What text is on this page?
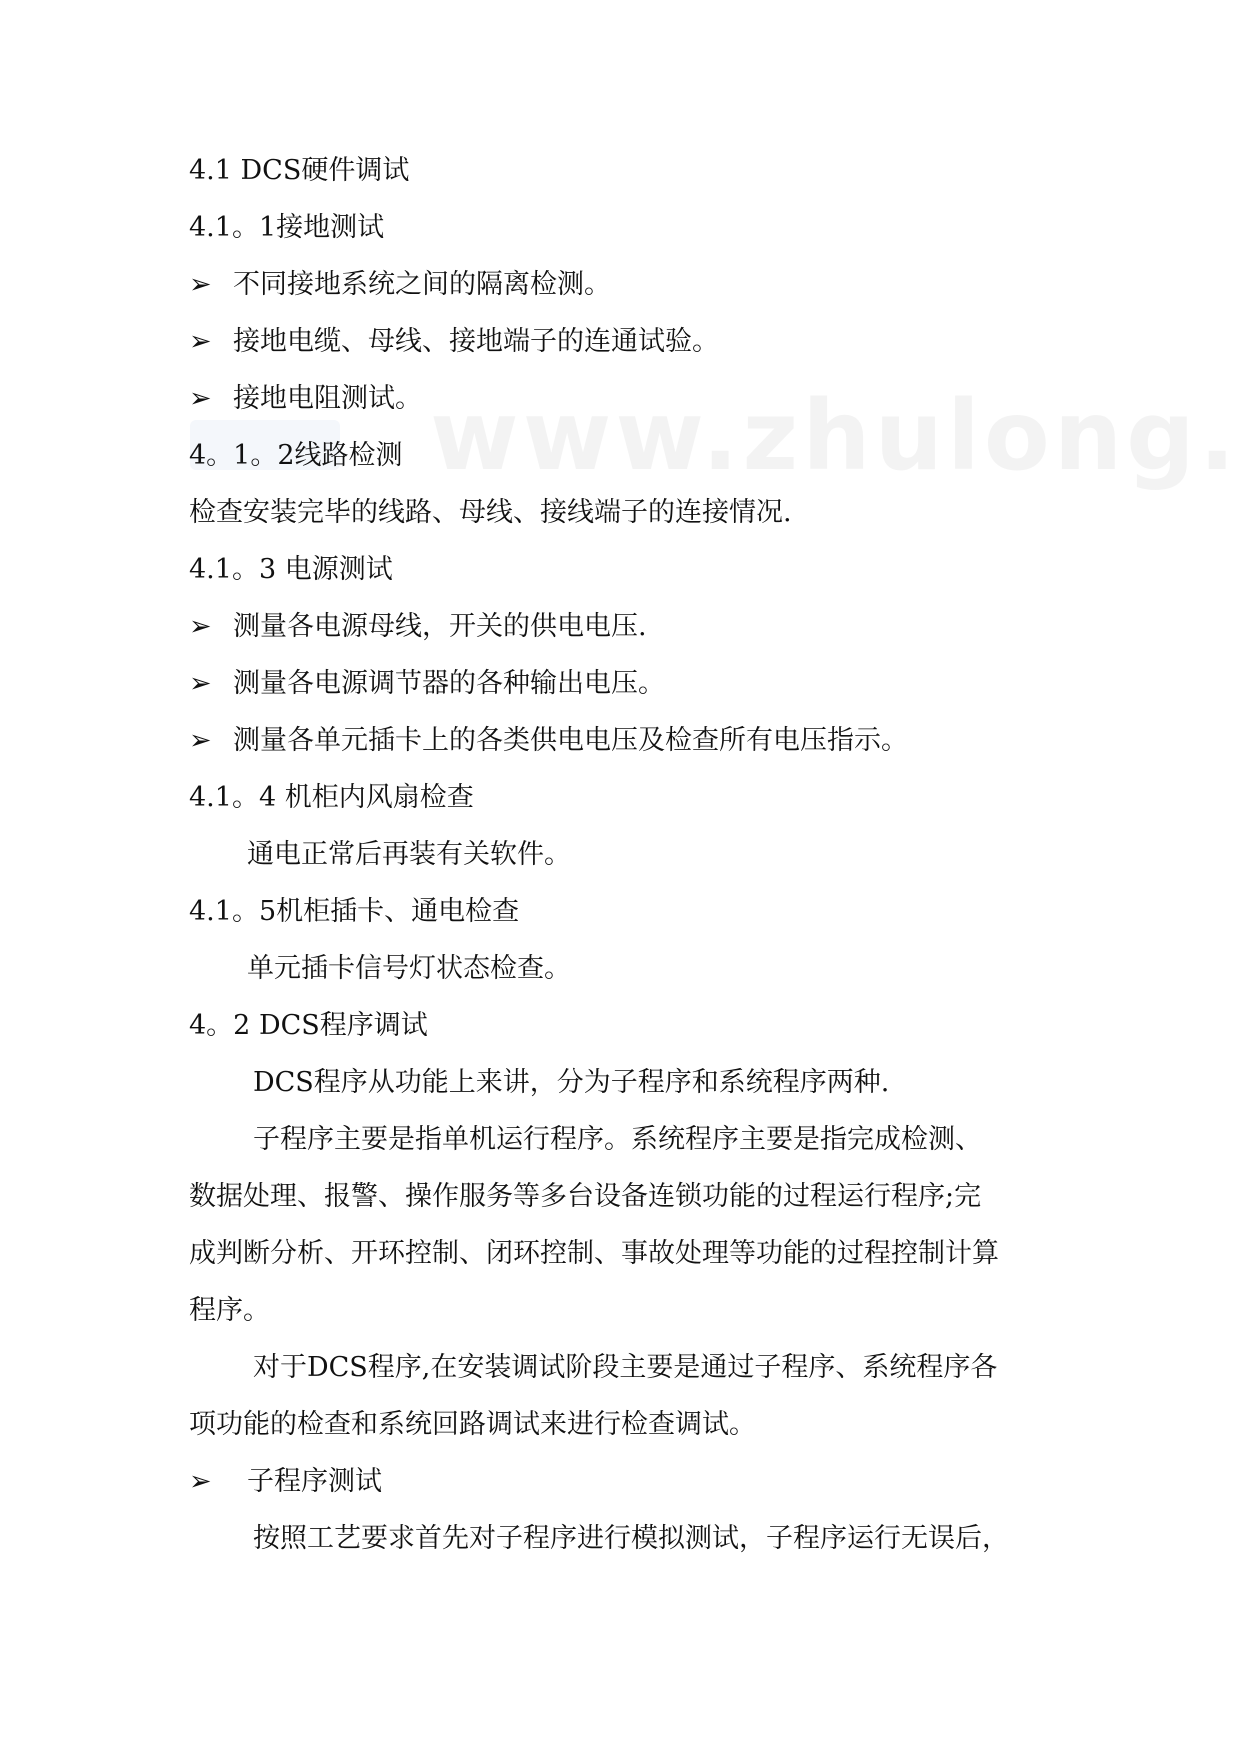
4.1 DCS硬件调试
4.1。1接地测试
➢ 不同接地系统之间的隔离检测。
➢ 接地电缆、母线、接地端子的连通试验。
➢ 接地电阻测试。
4。1。2线路检测
检查安装完毕的线路、母线、接线端子的连接情况.
4.1。3 电源测试
➢ 测量各电源母线，开关的供电电压.
➢ 测量各电源调节器的各种输出电压。
➢ 测量各单元插卡上的各类供电电压及检查所有电压指示。
4.1。4 机柜内风扇检查
通电正常后再装有关软件。
4.1。5机柜插卡、通电检查
单元插卡信号灯状态检查。
4。2 DCS程序调试
DCS程序从功能上来讲，分为子程序和系统程序两种.
子程序主要是指单机运行程序。系统程序主要是指完成检测、
数据处理、报警、操作服务等多台设备连锁功能的过程运行程序;完
成判断分析、开环控制、闭环控制、事故处理等功能的过程控制计算
程序。
对于DCS程序,在安装调试阶段主要是通过子程序、系统程序各
项功能的检查和系统回路调试来进行检查调试。
➢ 子程序测试
按照工艺要求首先对子程序进行模拟测试，子程序运行无误后，
